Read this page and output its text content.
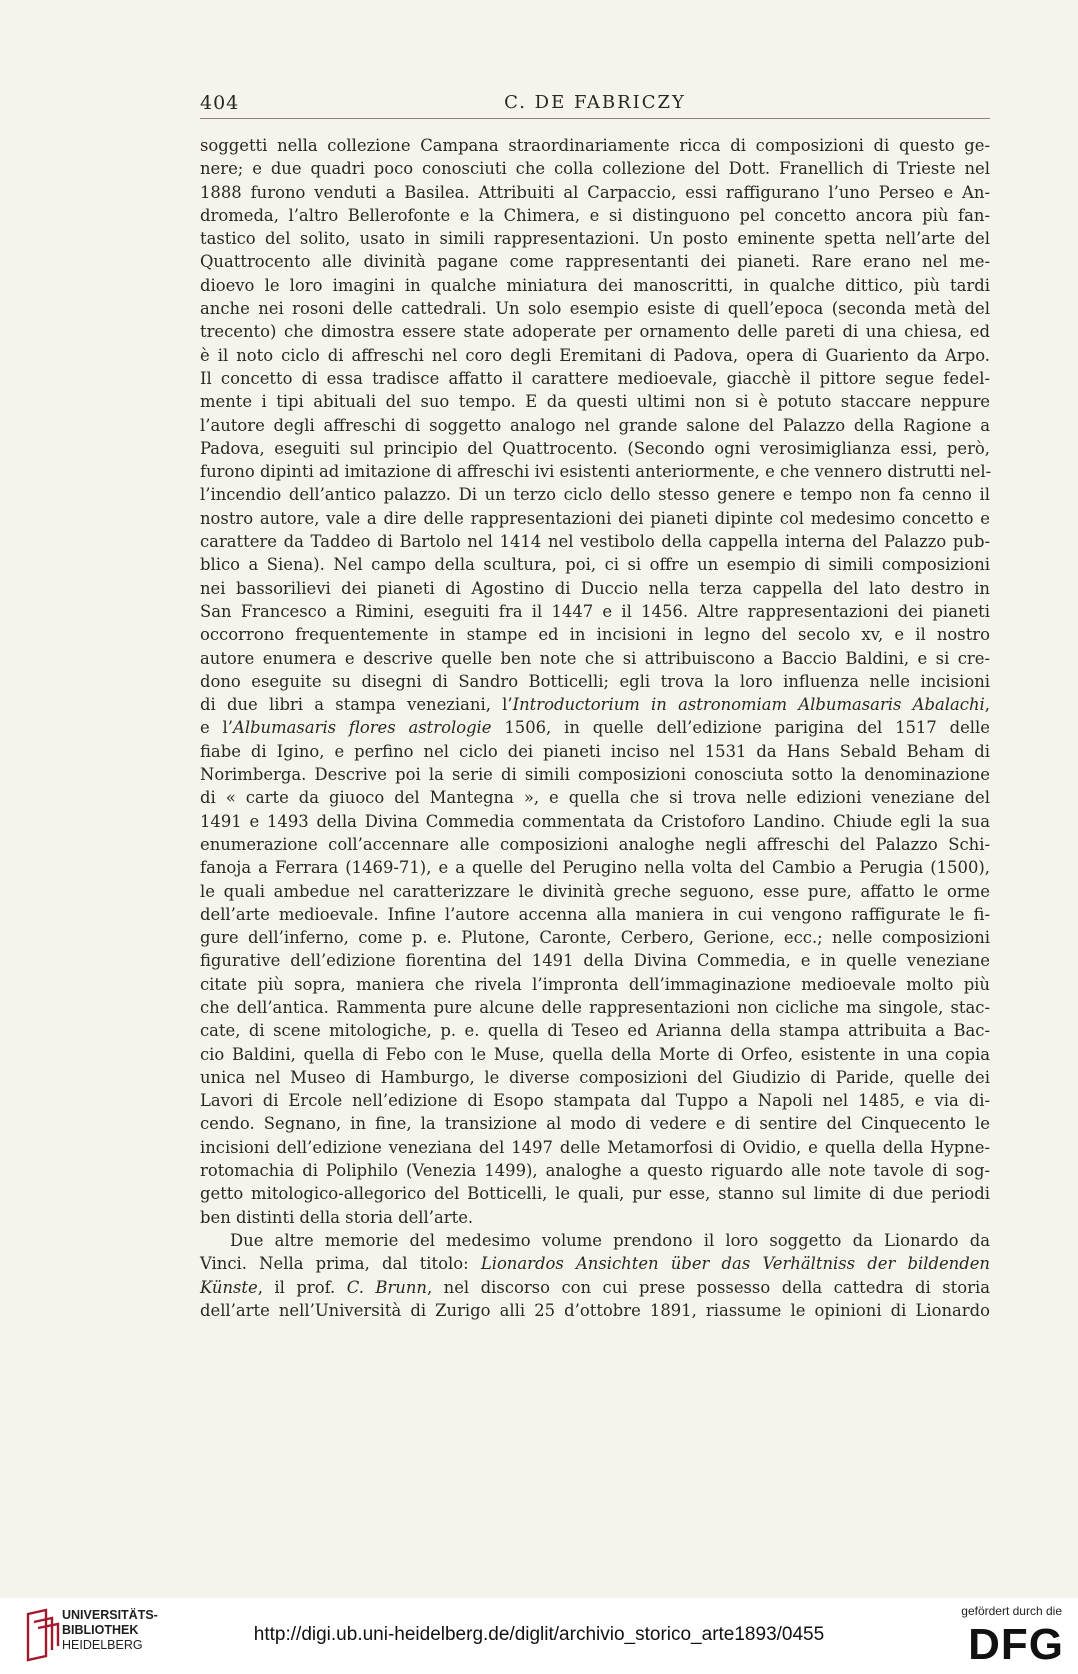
404	C. DE FABRICZY
soggetti nella collezione Campana straordinariamente ricca di composizioni di questo ge-
nere; e due quadri poco conosciuti che colla collezione del Dott. Franellich di Trieste nel
1888 furono venduti a Basilea. Attribuiti al Carpaccio, essi raffigurano l’uno Perseo e An-
dromeda, l’altro Bellerofonte e la Chimera, e si distinguono pel concetto ancora più fan-
tastico del solito, usato in simili rappresentazioni. Un posto eminente spetta nell’arte del
Quattrocento alle divinità pagane come rappresentanti dei pianeti. Rare erano nel me-
dioevo le loro imagini in qualche miniatura dei manoscritti, in qualche dittico, più tardi
anche nei rosoni delle cattedrali. Un solo esempio esiste di quell’epoca (seconda metà del
trecento) che dimostra essere state adoperate per ornamento delle pareti di una chiesa, ed
è il noto ciclo di affreschi nel coro degli Eremitani di Padova, opera di Guariento da Arpo.
Il concetto di essa tradisce affatto il carattere medioevale, giacchè il pittore segue fedel-
mente i tipi abituali del suo tempo. E da questi ultimi non si è potuto staccare neppure
l’autore degli affreschi di soggetto analogo nel grande salone del Palazzo della Ragione a
Padova, eseguiti sul principio del Quattrocento. (Secondo ogni verosimiglianza essi, però,
furono dipinti ad imitazione di affreschi ivi esistenti anteriormente, e che vennero distrutti nel-
l’incendio dell’antico palazzo. Di un terzo ciclo dello stesso genere e tempo non fa cenno il
nostro autore, vale a dire delle rappresentazioni dei pianeti dipinte col medesimo concetto e
carattere da Taddeo di Bartolo nel 1414 nel vestibolo della cappella interna del Palazzo pub-
blico a Siena). Nel campo della scultura, poi, ci si offre un esempio di simili composizioni
nei bassorilievi dei pianeti di Agostino di Duccio nella terza cappella del lato destro in
San Francesco a Rimini, eseguiti fra il 1447 e il 1456. Altre rappresentazioni dei pianeti
occorrono frequentemente in stampe ed in incisioni in legno del secolo xv, e il nostro
autore enumera e descrive quelle ben note che si attribuiscono a Baccio Baldini, e si cre-
dono eseguite su disegni di Sandro Botticelli; egli trova la loro influenza nelle incisioni
di due libri a stampa veneziani, l’Introductorium in astronomiam Albumasaris Abalachi,
e l’Albumasaris flores astrologie 1506, in quelle dell’edizione parigina del 1517 delle
fiabe di Igino, e perfino nel ciclo dei pianeti inciso nel 1531 da Hans Sebald Beham di
Norimberga. Descrive poi la serie di simili composizioni conosciuta sotto la denominazione
di « carte da giuoco del Mantegna », e quella che si trova nelle edizioni veneziane del
1491 e 1493 della Divina Commedia commentata da Cristoforo Landino. Chiude egli la sua
enumerazione coll’accennare alle composizioni analoghe negli affreschi del Palazzo Schi-
fanoja a Ferrara (1469-71), e a quelle del Perugino nella volta del Cambio a Perugia (1500),
le quali ambedue nel caratterizzare le divinità greche seguono, esse pure, affatto le orme
dell’arte medioevale. Infine l’autore accenna alla maniera in cui vengono raffigurate le fi-
gure dell’inferno, come p. e. Plutone, Caronte, Cerbero, Gerione, ecc.; nelle composizioni
figurative dell’edizione fiorentina del 1491 della Divina Commedia, e in quelle veneziane
citate più sopra, maniera che rivela l’impronta dell’immaginazione medioevale molto più
che dell’antica. Rammenta pure alcune delle rappresentazioni non cicliche ma singole, stac-
cate, di scene mitologiche, p. e. quella di Teseo ed Arianna della stampa attribuita a Bac-
cio Baldini, quella di Febo con le Muse, quella della Morte di Orfeo, esistente in una copia
unica nel Museo di Hamburgo, le diverse composizioni del Giudizio di Paride, quelle dei
Lavori di Ercole nell’edizione di Esopo stampata dal Tuppo a Napoli nel 1485, e via di-
cendo. Segnano, in fine, la transizione al modo di vedere e di sentire del Cinquecento le
incisioni dell’edizione veneziana del 1497 delle Metamorfosi di Ovidio, e quella della Hypne-
rotomachia di Poliphilo (Venezia 1499), analoghe a questo riguardo alle note tavole di sog-
getto mitologico-allegorico del Botticelli, le quali, pur esse, stanno sul limite di due periodi
ben distinti della storia dell’arte.
Due altre memorie del medesimo volume prendono il loro soggetto da Lionardo da
Vinci. Nella prima, dal titolo: Lionardos Ansichten über das Verhältniss der bildenden
Künste, il prof. C. Brunn, nel discorso con cui prese possesso della cattedra di storia
dell’arte nell’Università di Zurigo alli 25 d’ottobre 1891, riassume le opinioni di Lionardo
UNIVERSITÄTS-
BIBLIOTHEK
HEIDELBERG	http://digi.ub.uni-heidelberg.de/diglit/archivio_storico_arte1893/0455
gefördert durch die
DFG
